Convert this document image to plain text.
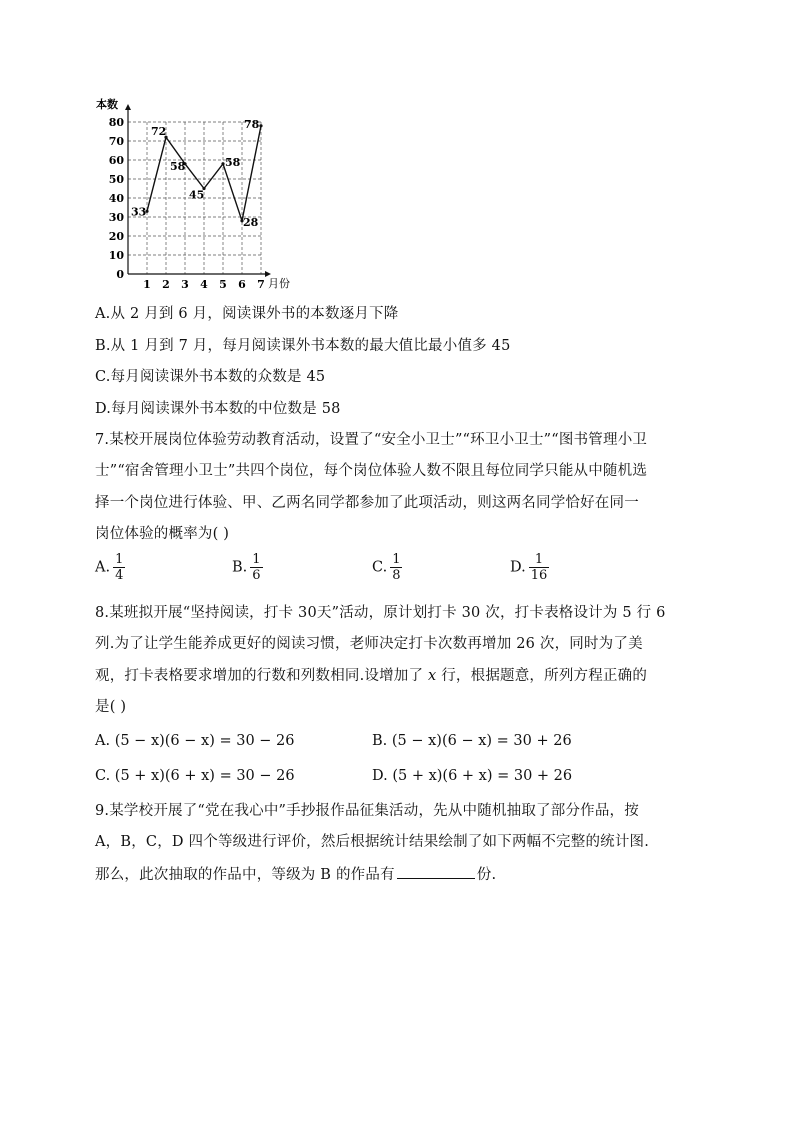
0
10
20
30
40
50
60
70
80
1 2 3 4 5 6 7
33
72
58
45
58
28
78
本数
月份
A.从 2 月到 6 月，阅读课外书的本数逐月下降
B.从 1 月到 7 月，每月阅读课外书本数的最大值比最小值多 45
C.每月阅读课外书本数的众数是 45
D.每月阅读课外书本数的中位数是 58
7.某校开展岗位体验劳动教育活动，设置了“安全小卫士”“环卫小卫士”“图书管理小卫
士”“宿舍管理小卫士”共四个岗位，每个岗位体验人数不限且每位同学只能从中随机选
择一个岗位进行体验、甲、乙两名同学都参加了此项活动，则这两名同学恰好在同一
岗位体验的概率为( )
A. $\frac{1}{4}$	B. $\frac{1}{6}$	C. $\frac{1}{8}$	D. $\frac{1}{16}$
8.某班拟开展“坚持阅读，打卡 30天”活动，原计划打卡 30 次，打卡表格设计为 5 行 6
列.为了让学生能养成更好的阅读习惯，老师决定打卡次数再增加 26 次，同时为了美
观，打卡表格要求增加的行数和列数相同.设增加了 x 行，根据题意，所列方程正确的
是( )
A. (5 − x)(6 − x) = 30 − 26	B. (5 − x)(6 − x) = 30 + 26
C. (5 + x)(6 + x) = 30 − 26	D. (5 + x)(6 + x) = 30 + 26
9.某学校开展了“党在我心中”手抄报作品征集活动，先从中随机抽取了部分作品，按
A，B，C，D 四个等级进行评价，然后根据统计结果绘制了如下两幅不完整的统计图.
那么，此次抽取的作品中，等级为 B 的作品有	份.
